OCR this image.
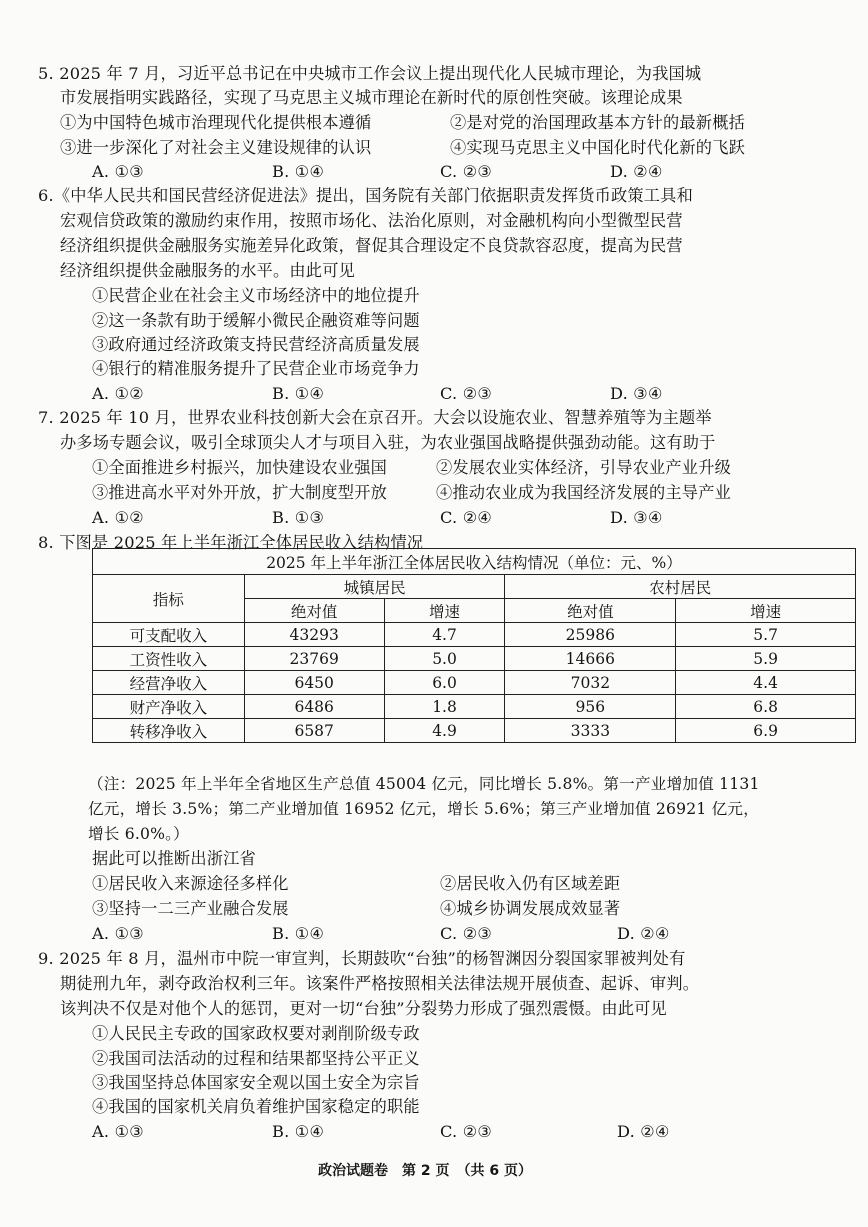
5. 2025 年 7 月，习近平总书记在中央城市工作会议上提出现代化人民城市理论，为我国城
市发展指明实践路径，实现了马克思主义城市理论在新时代的原创性突破。该理论成果
①为中国特色城市治理现代化提供根本遵循	②是对党的治国理政基本方针的最新概括
③进一步深化了对社会主义建设规律的认识	④实现马克思主义中国化时代化新的飞跃
A. ①③	B. ①④	C. ②③	D. ②④
6.《中华人民共和国民营经济促进法》提出，国务院有关部门依据职责发挥货币政策工具和
宏观信贷政策的激励约束作用，按照市场化、法治化原则，对金融机构向小型微型民营
经济组织提供金融服务实施差异化政策，督促其合理设定不良贷款容忍度，提高为民营
经济组织提供金融服务的水平。由此可见
①民营企业在社会主义市场经济中的地位提升
②这一条款有助于缓解小微民企融资难等问题
③政府通过经济政策支持民营经济高质量发展
④银行的精准服务提升了民营企业市场竞争力
A. ①②	B. ①④	C. ②③	D. ③④
7. 2025 年 10 月，世界农业科技创新大会在京召开。大会以设施农业、智慧养殖等为主题举
办多场专题会议，吸引全球顶尖人才与项目入驻，为农业强国战略提供强劲动能。这有助于
①全面推进乡村振兴，加快建设农业强国	②发展农业实体经济，引导农业产业升级
③推进高水平对外开放，扩大制度型开放	④推动农业成为我国经济发展的主导产业
A. ①②	B. ①③	C. ②④	D. ③④
8. 下图是 2025 年上半年浙江全体居民收入结构情况
2025 年上半年浙江全体居民收入结构情况（单位：元、%）				
指标	城镇居民		农村居民	
	绝对值	增速	绝对值	增速
可支配收入	43293	4.7	25986	5.7
工资性收入	23769	5.0	14666	5.9
经营净收入	6450	6.0	7032	4.4
财产净收入	6486	1.8	956	6.8
转移净收入	6587	4.9	3333	6.9
（注：2025 年上半年全省地区生产总值 45004 亿元，同比增长 5.8%。第一产业增加值 1131
亿元，增长 3.5%；第二产业增加值 16952 亿元，增长 5.6%；第三产业增加值 26921 亿元，
增长 6.0%。）
据此可以推断出浙江省
①居民收入来源途径多样化	②居民收入仍有区域差距
③坚持一二三产业融合发展	④城乡协调发展成效显著
A. ①③	B. ①④	C. ②③	D. ②④
9. 2025 年 8 月，温州市中院一审宣判，长期鼓吹“台独”的杨智渊因分裂国家罪被判处有
期徒刑九年，剥夺政治权利三年。该案件严格按照相关法律法规开展侦查、起诉、审判。
该判决不仅是对他个人的惩罚，更对一切“台独”分裂势力形成了强烈震慑。由此可见
①人民民主专政的国家政权要对剥削阶级专政
②我国司法活动的过程和结果都坚持公平正义
③我国坚持总体国家安全观以国土安全为宗旨
④我国的国家机关肩负着维护国家稳定的职能
A. ①③	B. ①④	C. ②③	D. ②④
政治试题卷　第 2 页　（共 6 页）
